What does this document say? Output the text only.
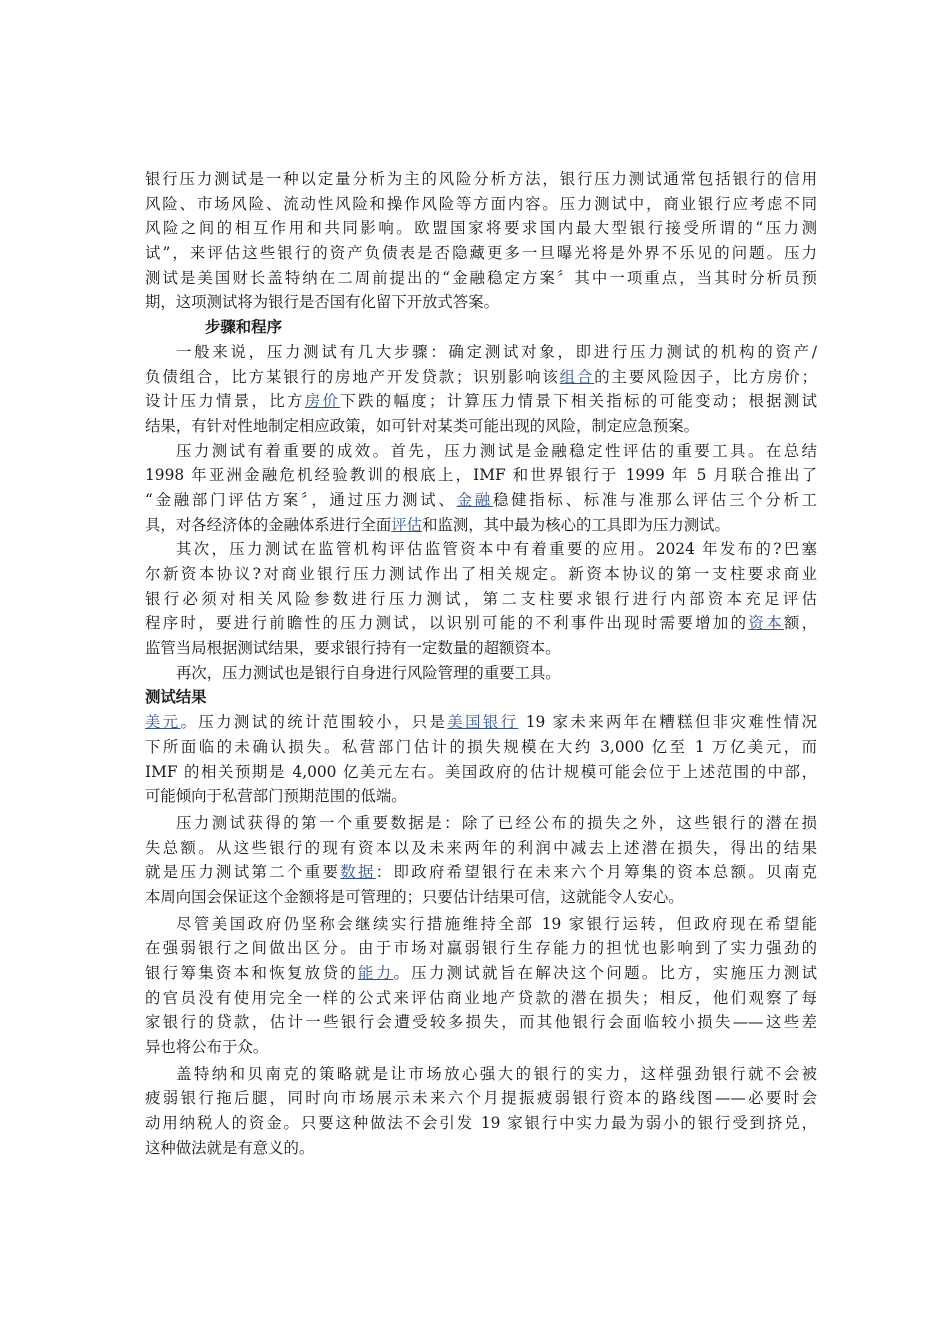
银行压力测试是一种以定量分析为主的风险分析方法，银行压力测试通常包括银行的信用
风险、市场风险、流动性风险和操作风险等方面内容。压力测试中，商业银行应考虑不同
风险之间的相互作用和共同影响。欧盟国家将要求国内最大型银行接受所谓的“压力测
试”，来评估这些银行的资产负债表是否隐藏更多一旦曝光将是外界不乐见的问题。压力
测试是美国财长盖特纳在二周前提出的“金融稳定方案〞其中一项重点，当其时分析员预
期，这项测试将为银行是否国有化留下开放式答案。
步骤和程序
一般来说，压力测试有几大步骤：确定测试对象，即进行压力测试的机构的资产/
负债组合，比方某银行的房地产开发贷款；识别影响该组合的主要风险因子，比方房价；
设计压力情景，比方房价下跌的幅度；计算压力情景下相关指标的可能变动；根据测试
结果，有针对性地制定相应政策，如可针对某类可能出现的风险，制定应急预案。
压力测试有着重要的成效。首先，压力测试是金融稳定性评估的重要工具。在总结
1998 年亚洲金融危机经验教训的根底上，IMF 和世界银行于 1999 年 5 月联合推出了
“金融部门评估方案〞，通过压力测试、金融稳健指标、标准与准那么评估三个分析工
具，对各经济体的金融体系进行全面评估和监测，其中最为核心的工具即为压力测试。
其次，压力测试在监管机构评估监管资本中有着重要的应用。2024 年发布的?巴塞
尔新资本协议?对商业银行压力测试作出了相关规定。新资本协议的第一支柱要求商业
银行必须对相关风险参数进行压力测试，第二支柱要求银行进行内部资本充足评估
程序时，要进行前瞻性的压力测试，以识别可能的不利事件出现时需要增加的资本额，
监管当局根据测试结果，要求银行持有一定数量的超额资本。
再次，压力测试也是银行自身进行风险管理的重要工具。
测试结果
美元。压力测试的统计范围较小，只是美国银行 19 家未来两年在糟糕但非灾难性情况
下所面临的未确认损失。私营部门估计的损失规模在大约 3,000 亿至 1 万亿美元，而
IMF 的相关预期是 4,000 亿美元左右。美国政府的估计规模可能会位于上述范围的中部，
可能倾向于私营部门预期范围的低端。
压力测试获得的第一个重要数据是：除了已经公布的损失之外，这些银行的潜在损
失总额。从这些银行的现有资本以及未来两年的利润中减去上述潜在损失，得出的结果
就是压力测试第二个重要数据：即政府希望银行在未来六个月筹集的资本总额。贝南克
本周向国会保证这个金额将是可管理的；只要估计结果可信，这就能令人安心。
尽管美国政府仍坚称会继续实行措施维持全部 19 家银行运转，但政府现在希望能
在强弱银行之间做出区分。由于市场对羸弱银行生存能力的担忧也影响到了实力强劲的
银行筹集资本和恢复放贷的能力。压力测试就旨在解决这个问题。比方，实施压力测试
的官员没有使用完全一样的公式来评估商业地产贷款的潜在损失；相反，他们观察了每
家银行的贷款，估计一些银行会遭受较多损失，而其他银行会面临较小损失——这些差
异也将公布于众。
盖特纳和贝南克的策略就是让市场放心强大的银行的实力，这样强劲银行就不会被
疲弱银行拖后腿，同时向市场展示未来六个月提振疲弱银行资本的路线图——必要时会
动用纳税人的资金。只要这种做法不会引发 19 家银行中实力最为弱小的银行受到挤兑，
这种做法就是有意义的。
